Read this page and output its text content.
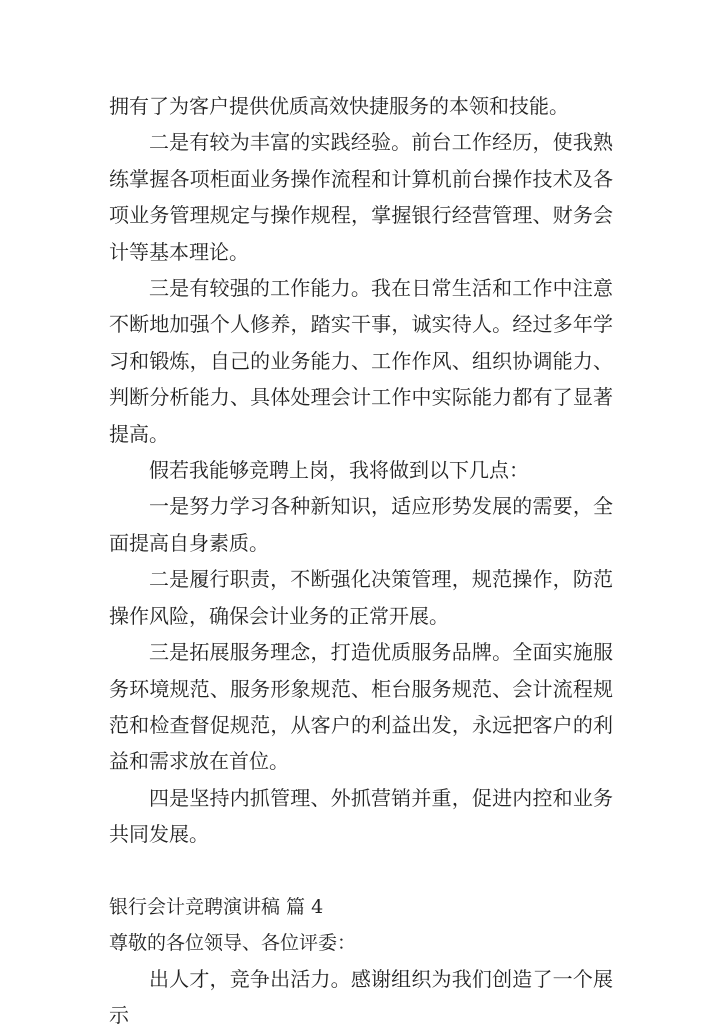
拥有了为客户提供优质高效快捷服务的本领和技能。

二是有较为丰富的实践经验。前台工作经历，使我熟练掌握各项柜面业务操作流程和计算机前台操作技术及各项业务管理规定与操作规程，掌握银行经营管理、财务会计等基本理论。

三是有较强的工作能力。我在日常生活和工作中注意不断地加强个人修养，踏实干事，诚实待人。经过多年学习和锻炼，自己的业务能力、工作作风、组织协调能力、判断分析能力、具体处理会计工作中实际能力都有了显著提高。

假若我能够竞聘上岗，我将做到以下几点：

一是努力学习各种新知识，适应形势发展的需要，全面提高自身素质。

二是履行职责，不断强化决策管理，规范操作，防范操作风险，确保会计业务的正常开展。

三是拓展服务理念，打造优质服务品牌。全面实施服务环境规范、服务形象规范、柜台服务规范、会计流程规范和检查督促规范，从客户的利益出发，永远把客户的利益和需求放在首位。

四是坚持内抓管理、外抓营销并重，促进内控和业务共同发展。

银行会计竞聘演讲稿 篇 4

尊敬的各位领导、各位评委：

出人才，竞争出活力。感谢组织为我们创造了一个展示
